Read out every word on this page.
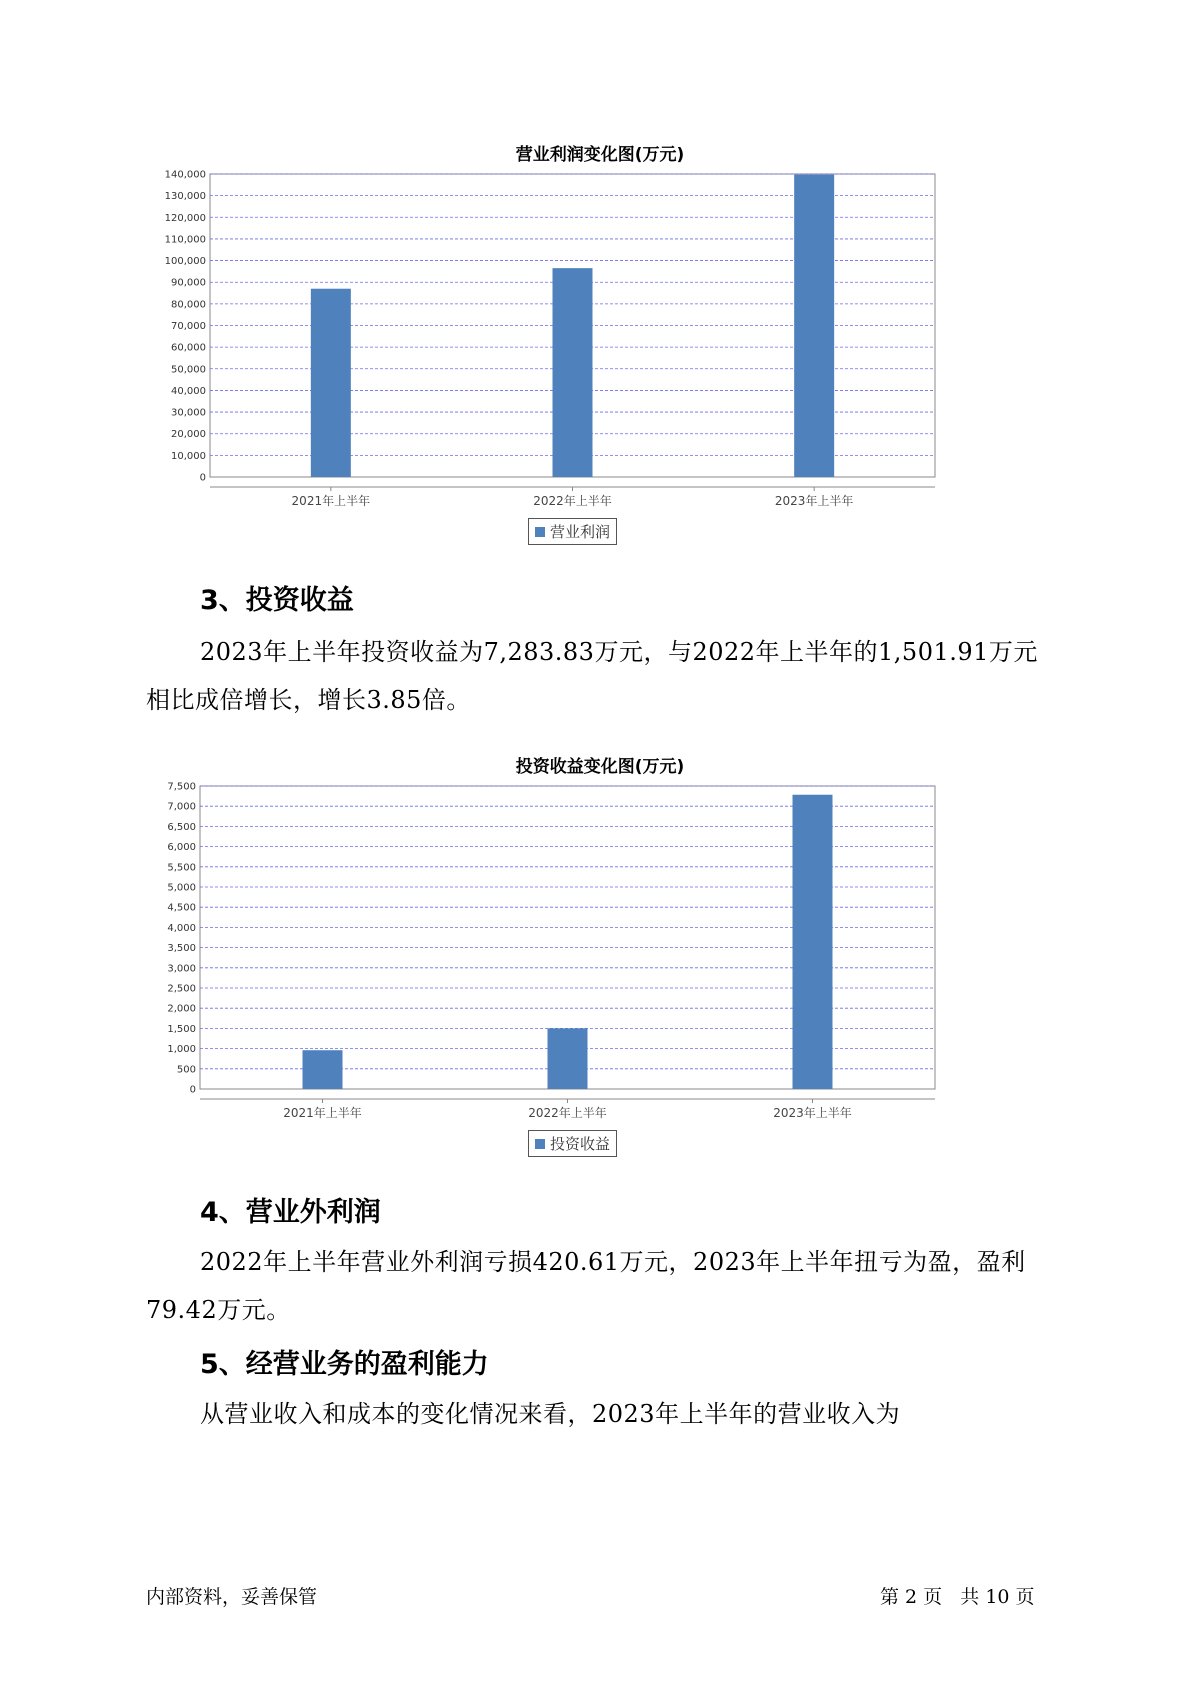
营业利润变化图(万元)
0
10,000
20,000
30,000
40,000
50,000
60,000
70,000
80,000
90,000
100,000
110,000
120,000
130,000
140,000
2021年上半年	2022年上半年	2023年上半年
营业利润
3、投资收益
2023年上半年投资收益为7,283.83万元，与2022年上半年的1,501.91万元相比成倍增长，增长3.85倍。
投资收益变化图(万元)
0
500
1,000
1,500
2,000
2,500
3,000
3,500
4,000
4,500
5,000
5,500
6,000
6,500
7,000
7,500
2021年上半年	2022年上半年	2023年上半年
投资收益
4、营业外利润
2022年上半年营业外利润亏损420.61万元，2023年上半年扭亏为盈，盈利79.42万元。
5、经营业务的盈利能力
从营业收入和成本的变化情况来看，2023年上半年的营业收入为
内部资料，妥善保管	第 2 页   共 10 页
